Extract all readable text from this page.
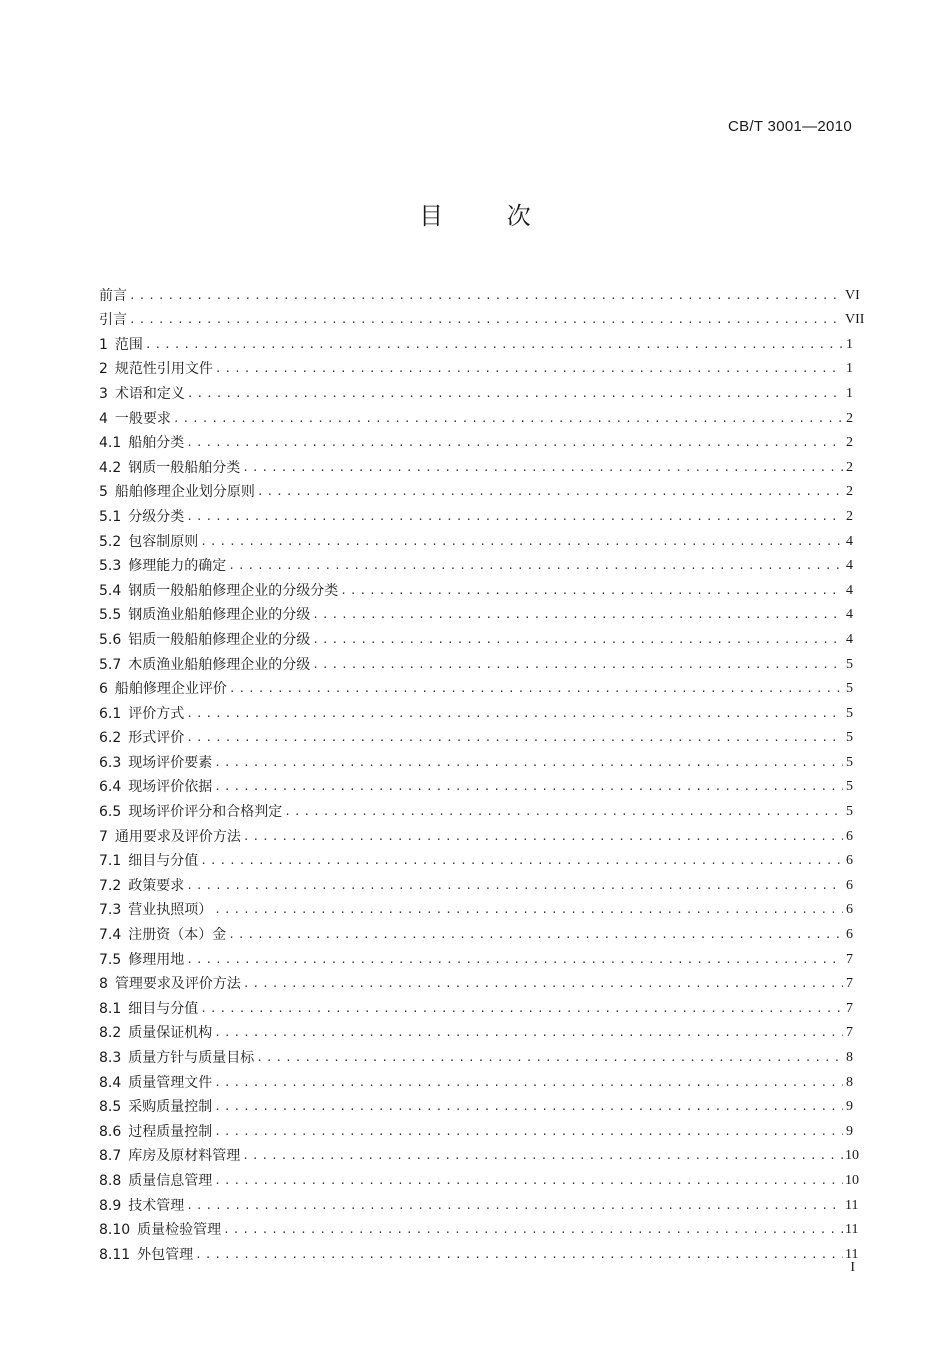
CB/T 3001—2010
目 次
前言 .....	VI
引言 .....	VII
1 范围 .....	1
2 规范性引用文件 .....	1
3 术语和定义 .....	1
4 一般要求 .....	2
4.1 船舶分类 .....	2
4.2 钢质一般船舶分类 .....	2
5 船舶修理企业划分原则 .....	2
5.1 分级分类 .....	2
5.2 包容制原则 .....	4
5.3 修理能力的确定 .....	4
5.4 钢质一般船舶修理企业的分级分类 .....	4
5.5 钢质渔业船舶修理企业的分级 .....	4
5.6 铝质一般船舶修理企业的分级 .....	4
5.7 木质渔业船舶修理企业的分级 .....	5
6 船舶修理企业评价 .....	5
6.1 评价方式 .....	5
6.2 形式评价 .....	5
6.3 现场评价要素 .....	5
6.4 现场评价依据 .....	5
6.5 现场评价评分和合格判定 .....	5
7 通用要求及评价方法 .....	6
7.1 细目与分值 .....	6
7.2 政策要求 .....	6
7.3 营业执照项） .....	6
7.4 注册资（本）金 .....	6
7.5 修理用地 .....	7
8 管理要求及评价方法 .....	7
8.1 细目与分值 .....	7
8.2 质量保证机构 .....	7
8.3 质量方针与质量目标 .....	8
8.4 质量管理文件 .....	8
8.5 采购质量控制 .....	9
8.6 过程质量控制 .....	9
8.7 库房及原材料管理 .....	10
8.8 质量信息管理 .....	10
8.9 技术管理 .....	11
8.10 质量检验管理 .....	11
8.11 外包管理 .....	11
I
